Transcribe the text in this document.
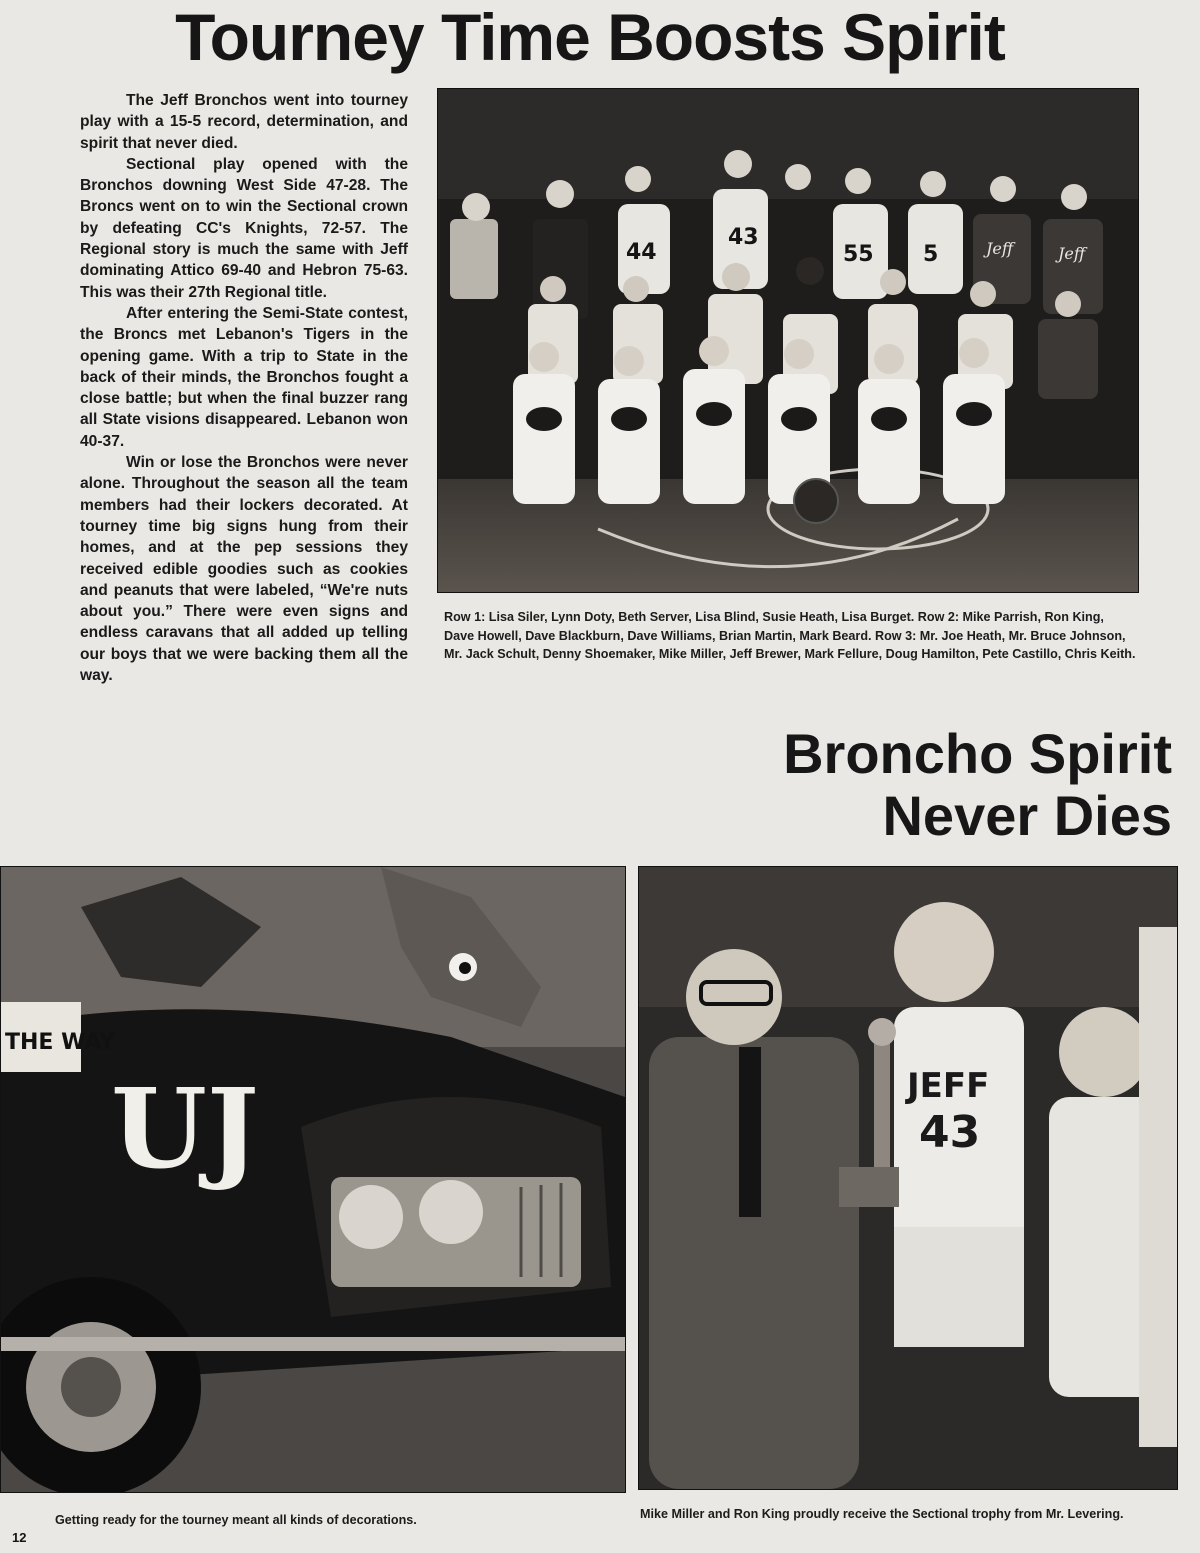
Tourney Time Boosts Spirit

The Jeff Bronchos went into tourney play with a 15-5 record, determination, and spirit that never died.

Sectional play opened with the Bronchos downing West Side 47-28. The Broncs went on to win the Sectional crown by defeating CC's Knights, 72-57. The Regional story is much the same with Jeff dominating Attico 69-40 and Hebron 75-63. This was their 27th Regional title.

After entering the Semi-State contest, the Broncs met Lebanon's Tigers in the opening game. With a trip to State in the back of their minds, the Bronchos fought a close battle; but when the final buzzer rang all State visions disappeared. Lebanon won 40-37.

Win or lose the Bronchos were never alone. Throughout the season all the team members had their lockers decorated. At tourney time big signs hung from their homes, and at the pep sessions they received edible goodies such as cookies and peanuts that were labeled, “We're nuts about you.” There were even signs and endless caravans that all added up telling our boys that we were backing them all the way.

44
43
55 5	Jeff	Jeff
Row 1: Lisa Siler, Lynn Doty, Beth Server, Lisa Blind, Susie Heath, Lisa Burget. Row 2: Mike Parrish, Ron King, Dave Howell, Dave Blackburn, Dave Williams, Brian Martin, Mark Beard. Row 3: Mr. Joe Heath, Mr. Bruce Johnson, Mr. Jack Schult, Denny Shoemaker, Mike Miller, Jeff Brewer, Mark Fellure, Doug Hamilton, Pete Castillo, Chris Keith.
Broncho Spirit
Never Dies
THE WAY
UJ	JEFF
43
Getting ready for the tourney meant all kinds of decorations.	Mike Miller and Ron King proudly receive the Sectional trophy from Mr. Levering.
12
